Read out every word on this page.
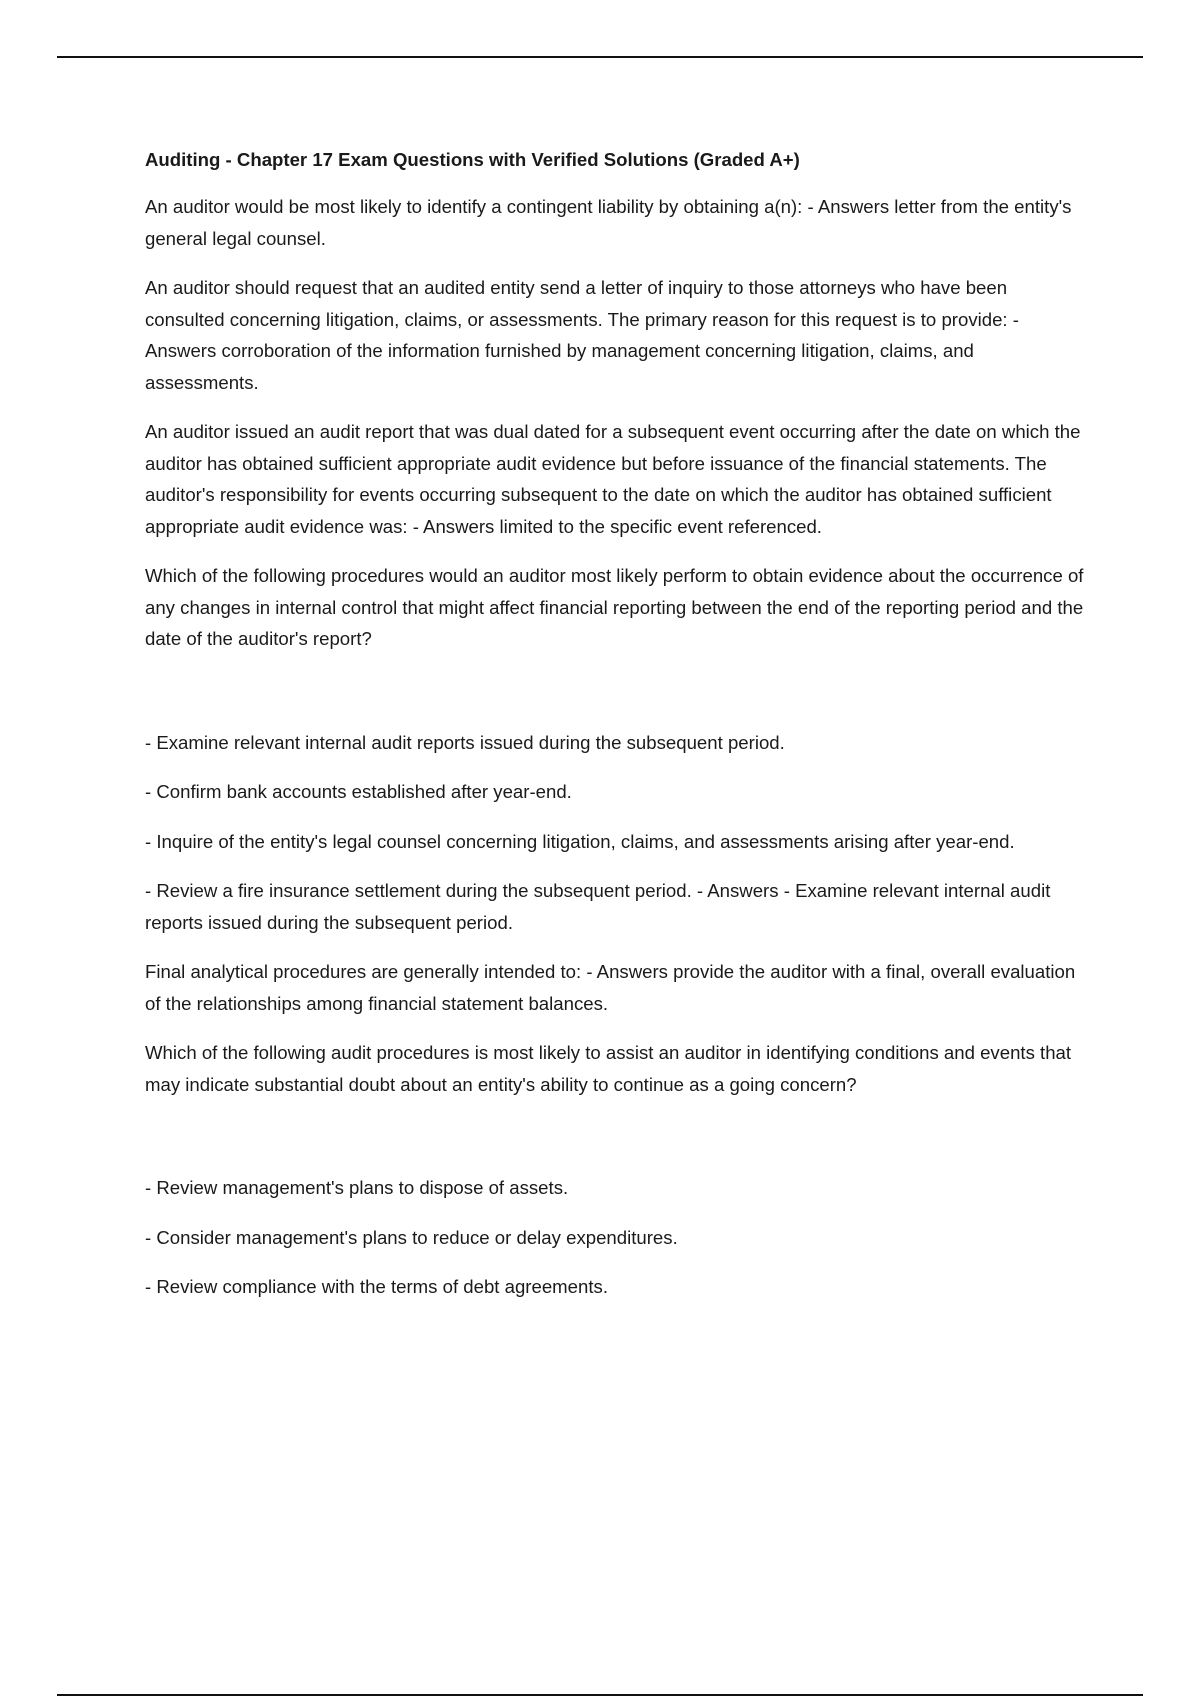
Auditing - Chapter 17 Exam Questions with Verified Solutions (Graded A+)

An auditor would be most likely to identify a contingent liability by obtaining a(n): - Answers letter from the entity's general legal counsel.

An auditor should request that an audited entity send a letter of inquiry to those attorneys who have been consulted concerning litigation, claims, or assessments. The primary reason for this request is to provide: - Answers corroboration of the information furnished by management concerning litigation, claims, and assessments.

An auditor issued an audit report that was dual dated for a subsequent event occurring after the date on which the auditor has obtained sufficient appropriate audit evidence but before issuance of the financial statements. The auditor's responsibility for events occurring subsequent to the date on which the auditor has obtained sufficient appropriate audit evidence was: - Answers limited to the specific event referenced.

Which of the following procedures would an auditor most likely perform to obtain evidence about the occurrence of any changes in internal control that might affect financial reporting between the end of the reporting period and the date of the auditor's report?

- Examine relevant internal audit reports issued during the subsequent period.

- Confirm bank accounts established after year-end.

- Inquire of the entity's legal counsel concerning litigation, claims, and assessments arising after year-end.

- Review a fire insurance settlement during the subsequent period. - Answers - Examine relevant internal audit reports issued during the subsequent period.

Final analytical procedures are generally intended to: - Answers provide the auditor with a final, overall evaluation of the relationships among financial statement balances.

Which of the following audit procedures is most likely to assist an auditor in identifying conditions and events that may indicate substantial doubt about an entity's ability to continue as a going concern?

- Review management's plans to dispose of assets.

- Consider management's plans to reduce or delay expenditures.

- Review compliance with the terms of debt agreements.
